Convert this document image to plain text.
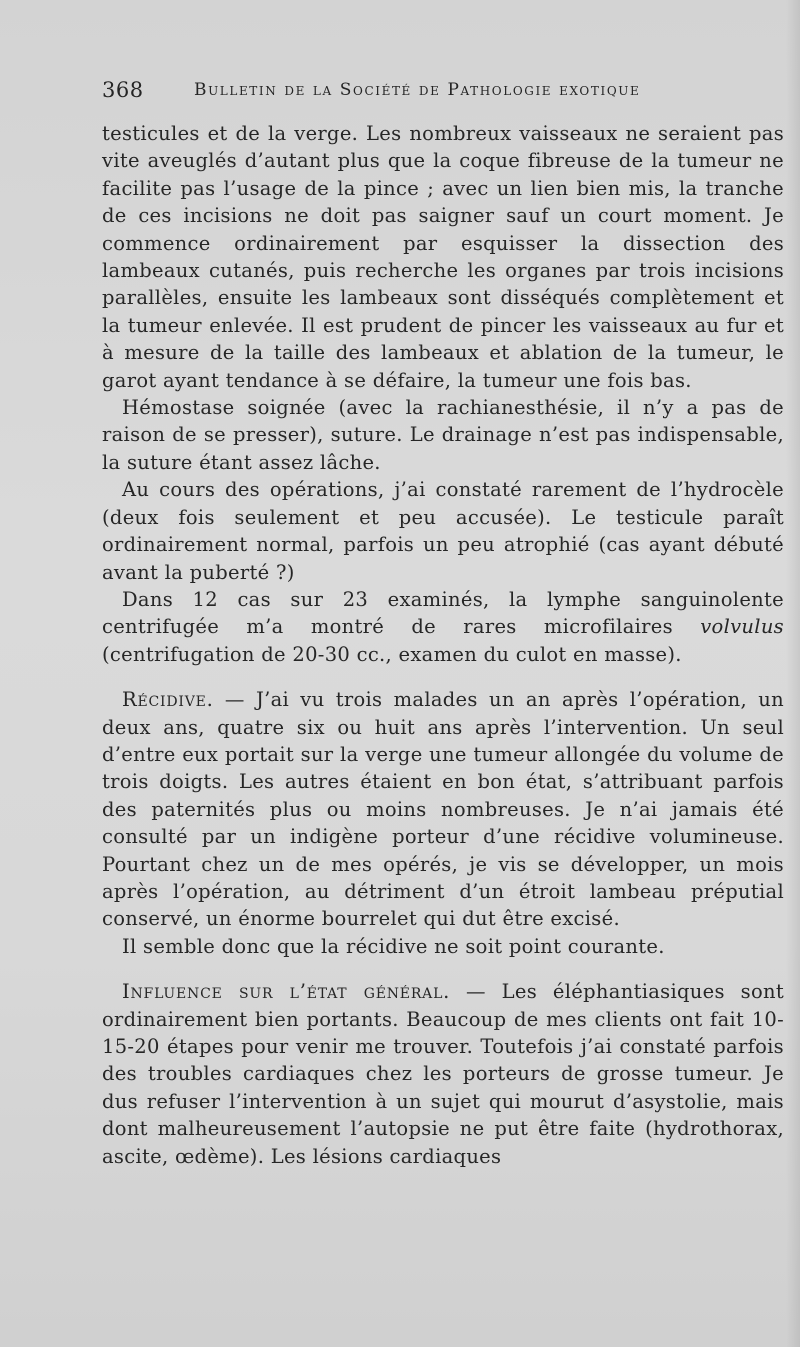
368	Bulletin de la Société de Pathologie exotique

testicules et de la verge. Les nombreux vaisseaux ne seraient pas vite aveuglés d’autant plus que la coque fibreuse de la tumeur ne facilite pas l’usage de la pince ; avec un lien bien mis, la tranche de ces incisions ne doit pas saigner sauf un court moment. Je commence ordinairement par esquisser la dissection des lambeaux cutanés, puis recherche les organes par trois incisions parallèles, ensuite les lambeaux sont disséqués complètement et la tumeur enlevée. Il est prudent de pincer les vaisseaux au fur et à mesure de la taille des lambeaux et ablation de la tumeur, le garot ayant tendance à se défaire, la tumeur une fois bas.

Hémostase soignée (avec la rachianesthésie, il n’y a pas de raison de se presser), suture. Le drainage n’est pas indispensable, la suture étant assez lâche.

Au cours des opérations, j’ai constaté rarement de l’hydrocèle (deux fois seulement et peu accusée). Le testicule paraît ordinairement normal, parfois un peu atrophié (cas ayant débuté avant la puberté ?)

Dans 12 cas sur 23 examinés, la lymphe sanguinolente centrifugée m’a montré de rares microfilaires volvulus (centrifugation de 20-30 cc., examen du culot en masse).

Récidive. — J’ai vu trois malades un an après l’opération, un deux ans, quatre six ou huit ans après l’intervention. Un seul d’entre eux portait sur la verge une tumeur allongée du volume de trois doigts. Les autres étaient en bon état, s’attribuant parfois des paternités plus ou moins nombreuses. Je n’ai jamais été consulté par un indigène porteur d’une récidive volumineuse. Pourtant chez un de mes opérés, je vis se développer, un mois après l’opération, au détriment d’un étroit lambeau préputial conservé, un énorme bourrelet qui dut être excisé.

Il semble donc que la récidive ne soit point courante.

Influence sur l’état général. — Les éléphantiasiques sont ordinairement bien portants. Beaucoup de mes clients ont fait 10-15-20 étapes pour venir me trouver. Toutefois j’ai constaté parfois des troubles cardiaques chez les porteurs de grosse tumeur. Je dus refuser l’intervention à un sujet qui mourut d’asystolie, mais dont malheureusement l’autopsie ne put être faite (hydrothorax, ascite, œdème). Les lésions cardiaques
